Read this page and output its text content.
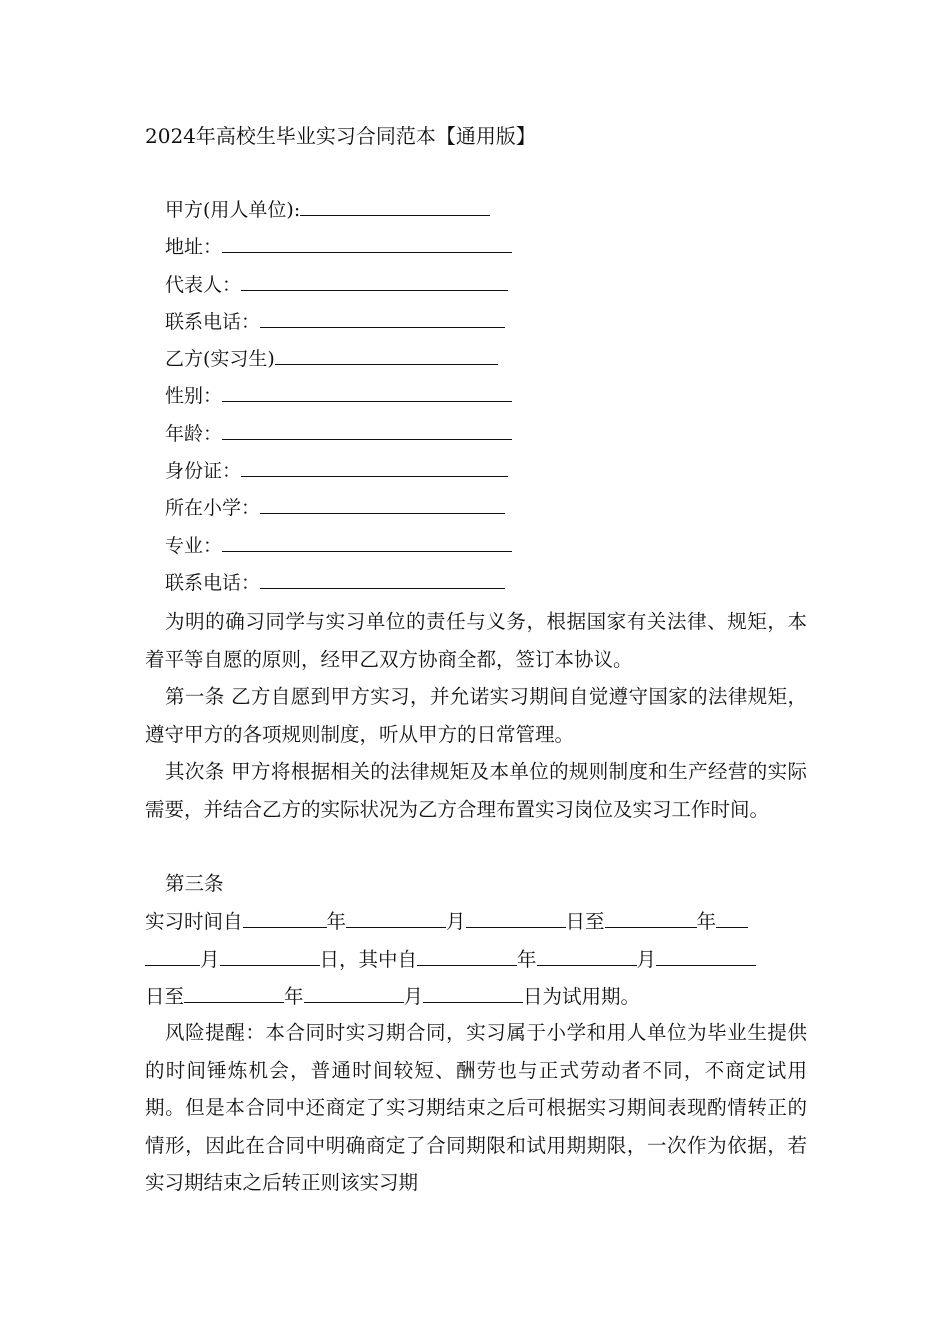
2024年高校生毕业实习合同范本【通用版】
甲方(用人单位):
地址：
代表人：
联系电话：
乙方(实习生)
性别：
年龄：
身份证：
所在小学：
专业：
联系电话：
为明的确习同学与实习单位的责任与义务，根据国家有关法律、规矩，本着平等自愿的原则，经甲乙双方协商全都，签订本协议。
第一条 乙方自愿到甲方实习，并允诺实习期间自觉遵守国家的法律规矩，遵守甲方的各项规则制度，听从甲方的日常管理。
其次条 甲方将根据相关的法律规矩及本单位的规则制度和生产经营的实际需要，并结合乙方的实际状况为乙方合理布置实习岗位及实习工作时间。
第三条
实习时间自	年	月	日至	年
月	日，其中自	年	月
日至	年	月	日为试用期。
风险提醒：本合同时实习期合同，实习属于小学和用人单位为毕业生提供的时间锤炼机会，普通时间较短、酬劳也与正式劳动者不同，不商定试用期。但是本合同中还商定了实习期结束之后可根据实习期间表现酌情转正的情形，因此在合同中明确商定了合同期限和试用期期限，一次作为依据，若实习期结束之后转正则该实习期
